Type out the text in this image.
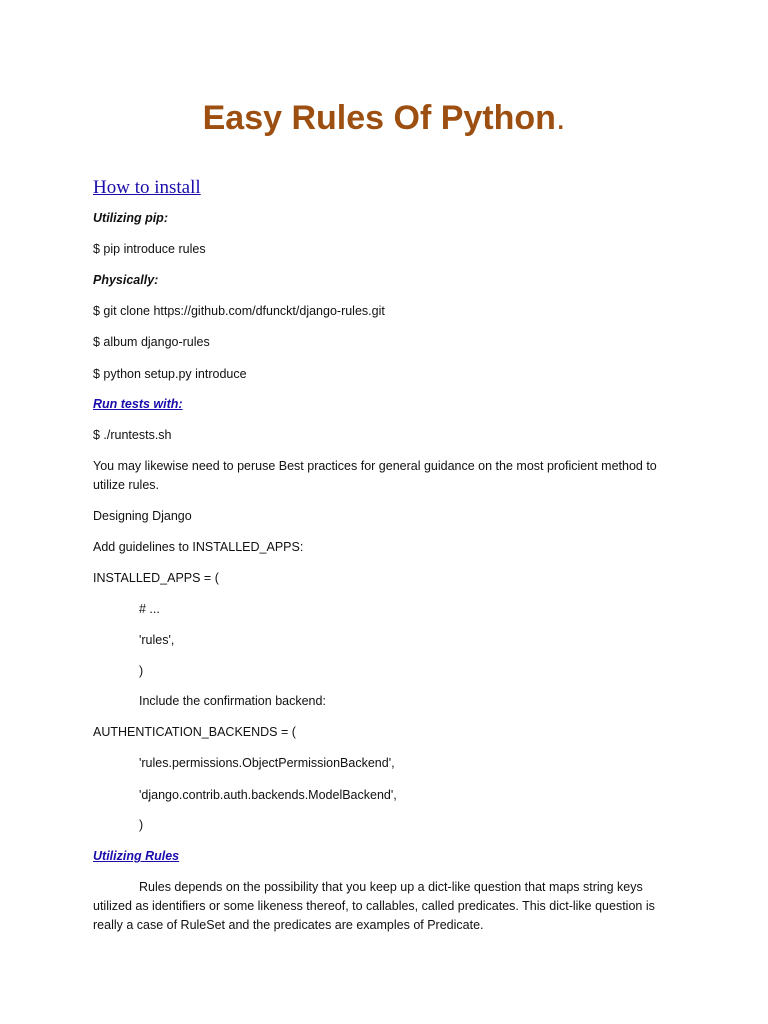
Easy Rules Of Python.
How to install
Utilizing pip:
$ pip introduce rules
Physically:
$ git clone https://github.com/dfunckt/django-rules.git
$ album django-rules
$ python setup.py introduce
Run tests with:
$ ./runtests.sh
You may likewise need to peruse Best practices for general guidance on the most proficient method to utilize rules.
Designing Django
Add guidelines to INSTALLED_APPS:
INSTALLED_APPS = (
# ...
'rules',
)
Include the confirmation backend:
AUTHENTICATION_BACKENDS = (
'rules.permissions.ObjectPermissionBackend',
'django.contrib.auth.backends.ModelBackend',
)
Utilizing Rules
Rules depends on the possibility that you keep up a dict-like question that maps string keys utilized as identifiers or some likeness thereof, to callables, called predicates. This dict-like question is really a case of RuleSet and the predicates are examples of Predicate.
